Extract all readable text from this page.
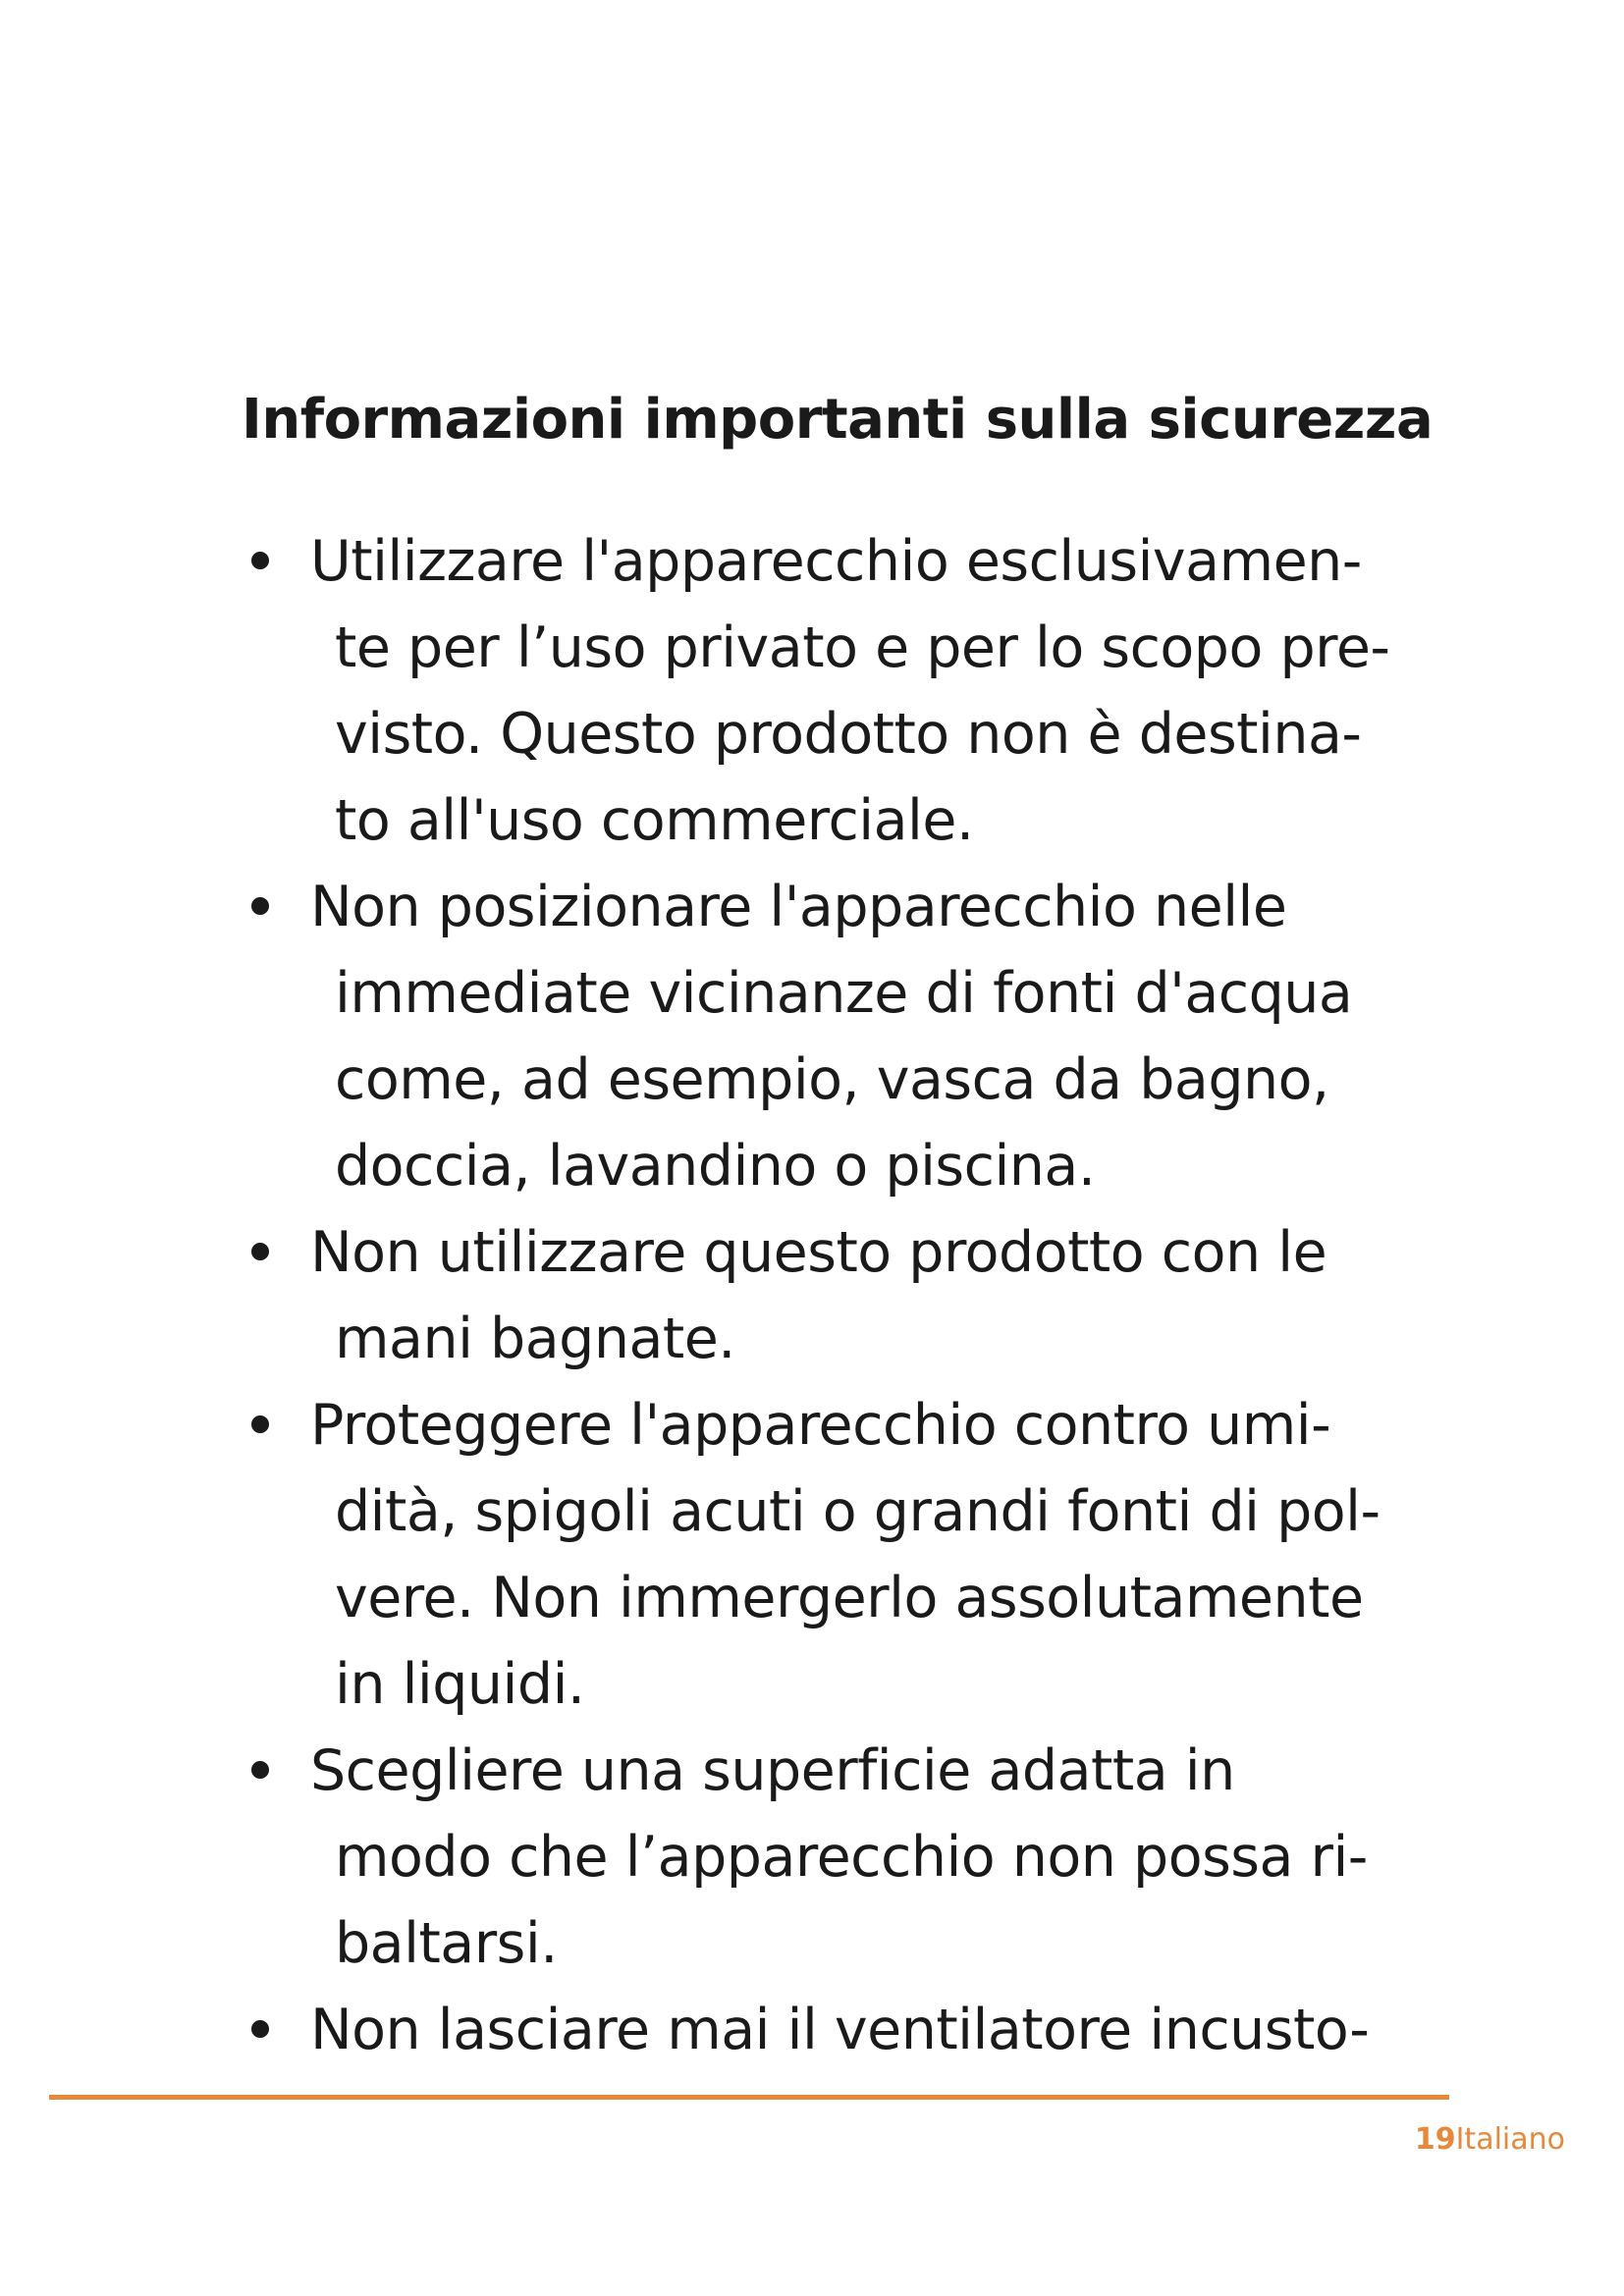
Informazioni importanti sulla sicurezza
Utilizzare l'apparecchio esclusivamen-
te per l’uso privato e per lo scopo pre-
visto. Questo prodotto non è destina-
to all'uso commerciale.
Non posizionare l'apparecchio nelle
immediate vicinanze di fonti d'acqua
come, ad esempio, vasca da bagno,
doccia, lavandino o piscina.
Non utilizzare questo prodotto con le
mani bagnate.
Proteggere l'apparecchio contro umi-
dità, spigoli acuti o grandi fonti di pol-
vere. Non immergerlo assolutamente
in liquidi.
Scegliere una superficie adatta in
modo che l’apparecchio non possa ri-
baltarsi.
Non lasciare mai il ventilatore incusto-
19Italiano
